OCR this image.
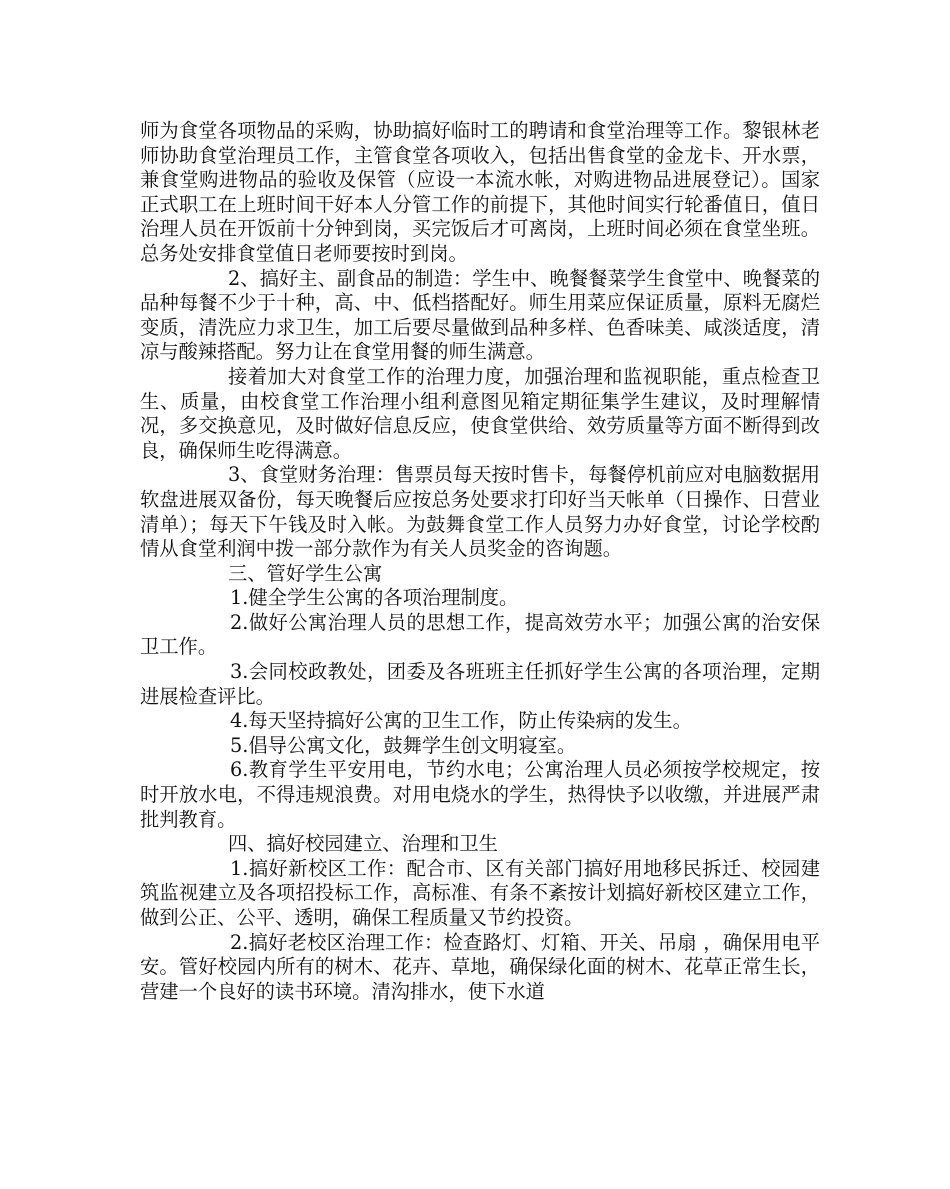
师为食堂各项物品的采购，协助搞好临时工的聘请和食堂治理等工作。黎银林老师协助食堂治理员工作，主管食堂各项收入，包括出售食堂的金龙卡、开水票，兼食堂购进物品的验收及保管（应设一本流水帐，对购进物品进展登记）。国家正式职工在上班时间干好本人分管工作的前提下，其他时间实行轮番值日，值日治理人员在开饭前十分钟到岗，买完饭后才可离岗，上班时间必须在食堂坐班。总务处安排食堂值日老师要按时到岗。

2、搞好主、副食品的制造：学生中、晚餐餐菜学生食堂中、晚餐菜的品种每餐不少于十种，高、中、低档搭配好。师生用菜应保证质量，原料无腐烂变质，清洗应力求卫生，加工后要尽量做到品种多样、色香味美、咸淡适度，清凉与酸辣搭配。努力让在食堂用餐的师生满意。

接着加大对食堂工作的治理力度，加强治理和监视职能，重点检查卫生、质量，由校食堂工作治理小组利意图见箱定期征集学生建议，及时理解情况，多交换意见，及时做好信息反应，使食堂供给、效劳质量等方面不断得到改良，确保师生吃得满意。

3、食堂财务治理：售票员每天按时售卡，每餐停机前应对电脑数据用软盘进展双备份，每天晚餐后应按总务处要求打印好当天帐单（日操作、日营业清单）；每天下午钱及时入帐。为鼓舞食堂工作人员努力办好食堂，讨论学校酌情从食堂利润中拨一部分款作为有关人员奖金的咨询题。

三、管好学生公寓

1.健全学生公寓的各项治理制度。

2.做好公寓治理人员的思想工作，提高效劳水平；加强公寓的治安保卫工作。

3.会同校政教处，团委及各班班主任抓好学生公寓的各项治理，定期进展检查评比。

4.每天坚持搞好公寓的卫生工作，防止传染病的发生。

5.倡导公寓文化，鼓舞学生创文明寝室。

6.教育学生平安用电，节约水电；公寓治理人员必须按学校规定，按时开放水电，不得违规浪费。对用电烧水的学生，热得快予以收缴，并进展严肃批判教育。

四、搞好校园建立、治理和卫生

1.搞好新校区工作：配合市、区有关部门搞好用地移民拆迁、校园建筑监视建立及各项招投标工作，高标准、有条不紊按计划搞好新校区建立工作，做到公正、公平、透明，确保工程质量又节约投资。

2.搞好老校区治理工作：检查路灯、灯箱、开关、吊扇 ，确保用电平安。管好校园内所有的树木、花卉、草地，确保绿化面的树木、花草正常生长，营建一个良好的读书环境。清沟排水，使下水道
